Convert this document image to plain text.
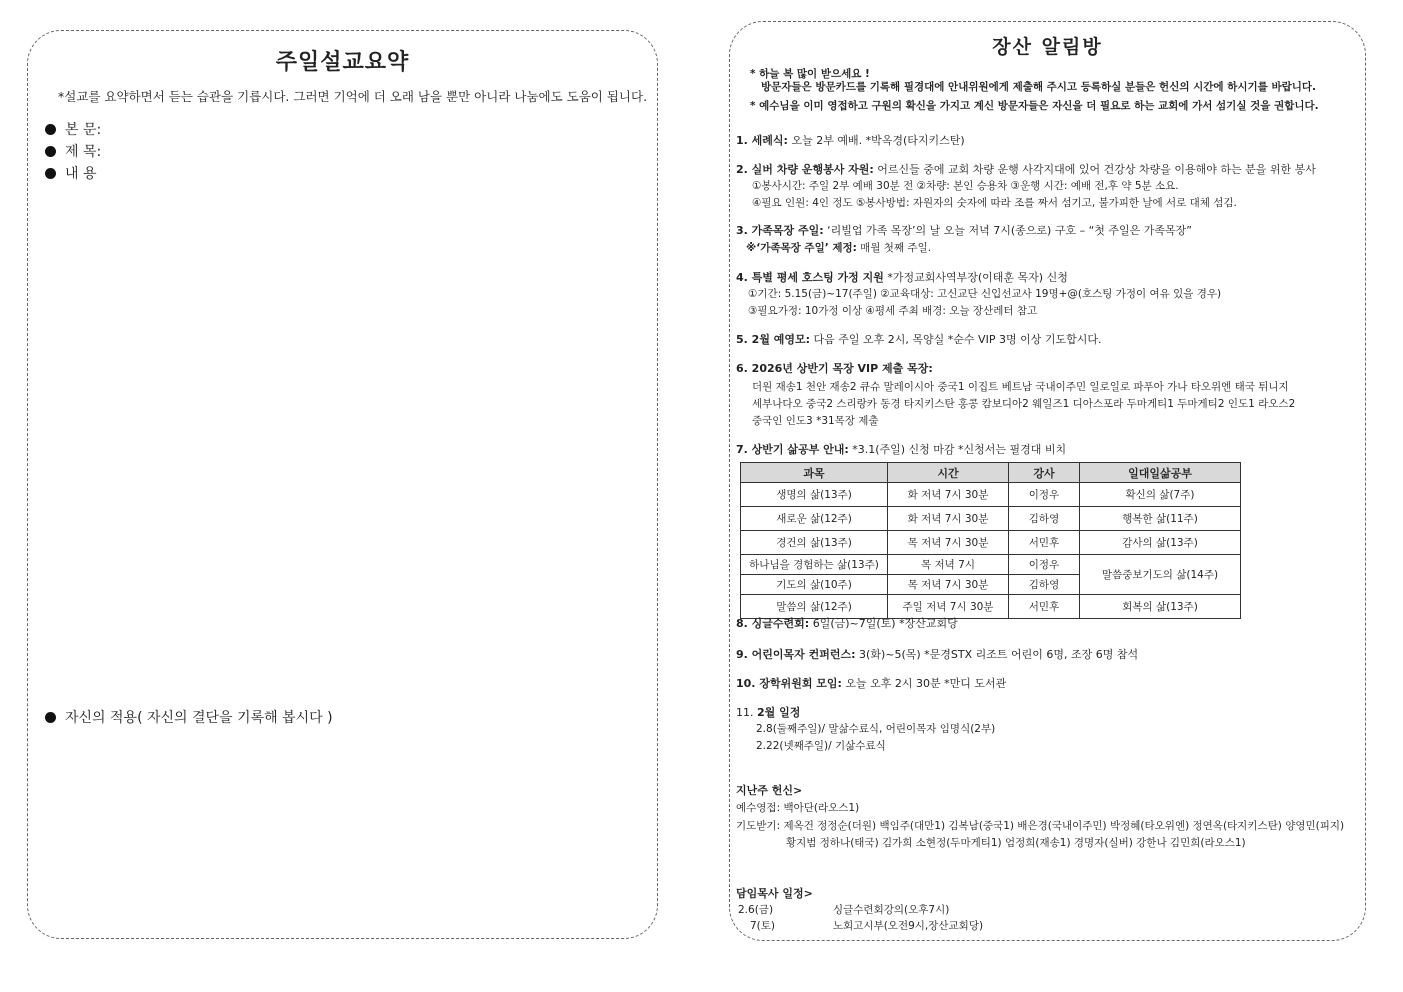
주일설교요약
*설교를 요약하면서 듣는 습관을 기릅시다. 그러면 기억에 더 오래 남을 뿐만 아니라 나눔에도 도움이 됩니다.
본 문:
제 목:
내 용
자신의 적용( 자신의 결단을 기록해 봅시다 )
장산 알림방
* 하늘 복 많이 받으세요 !
방문자들은 방문카드를 기록해 필경대에 안내위원에게 제출해 주시고 등록하실 분들은 헌신의 시간에 하시기를 바랍니다.
* 예수님을 이미 영접하고 구원의 확신을 가지고 계신 방문자들은 자신을 더 필요로 하는 교회에 가서 섬기실 것을 권합니다.
1. 세례식: 오늘 2부 예배. *박옥경(타지키스탄)
2. 실버 차량 운행봉사 자원: 어르신들 중에 교회 차량 운행 사각지대에 있어 건강상 차량을 이용해야 하는 분을 위한 봉사
①봉사시간: 주일 2부 예배 30분 전 ②차량: 본인 승용차 ③운행 시간: 예배 전,후 약 5분 소요.
④필요 인원: 4인 정도 ⑤봉사방법: 자원자의 숫자에 따라 조를 짜서 섬기고, 불가피한 날에 서로 대체 섬김.
3. 가족목장 주일: ‘리빌업 가족 목장’의 날 오늘 저녁 7시(종으로) 구호 – “첫 주일은 가족목장”
※‘가족목장 주일’ 제정: 매월 첫째 주일.
4. 특별 평세 호스팅 가정 지원 *가정교회사역부장(이태훈 목자) 신청
①기간: 5.15(금)~17(주일) ②교육대상: 고신교단 신입선교사 19명+@(호스팅 가정이 여유 있을 경우)
③필요가정: 10가정 이상 ④평세 주최 배경: 오늘 장산레터 참고
5. 2월 예영모: 다음 주일 오후 2시, 목양실 *순수 VIP 3명 이상 기도합시다.
6. 2026년 상반기 목장 VIP 제출 목장:
더원 재송1 천안 재송2 큐슈 말레이시아 중국1 이집트 베트남 국내이주민 일로일로 파푸아 가나 타오위엔 태국 튀니지
세부나다오 중국2 스리랑카 동경 타지키스탄 홍콩 캄보디아2 웨일즈1 디아스포라 두마게티1 두마게티2 인도1 라오스2
중국인 인도3 *31목장 제출
7. 상반기 삶공부 안내: *3.1(주일) 신청 마감 *신청서는 필경대 비치
과목	시간	강사	일대일삶공부
생명의 삶(13주)	화 저녁 7시 30분	이정우	확신의 삶(7주)
새로운 삶(12주)	화 저녁 7시 30분	김하영	행복한 삶(11주)
경건의 삶(13주)	목 저녁 7시 30분	서민후	감사의 삶(13주)
하나님을 경험하는 삶(13주)	목 저녁 7시	이정우	말씀중보기도의 삶(14주)
기도의 삶(10주)	목 저녁 7시 30분	김하영	
말씀의 삶(12주)	주일 저녁 7시 30분	서민후	회복의 삶(13주)
8. 싱글수련회: 6일(금)~7일(토) *장산교회당
9. 어린이목자 컨퍼런스: 3(화)~5(목) *문경STX 리조트 어린이 6명, 조장 6명 참석
10. 장학위원회 모임: 오늘 오후 2시 30분 *만디 도서관
11. 2월 일정
2.8(둘째주일)/ 말삶수료식, 어린이목자 임명식(2부)
2.22(넷째주일)/ 기삶수료식
지난주 헌신>
예수영접: 백아단(라오스1)
기도받기: 제옥건 정정순(더원) 백임주(대만1) 김복남(중국1) 배은경(국내이주민) 박정혜(타오위엔) 정연옥(타지키스탄) 양영민(피지)
황지범 정하나(태국) 김가희 소현정(두마게티1) 엄정희(재송1) 경명자(실버) 강한나 김민희(라오스1)
담임목사 일정>
2.6(금)	싱글수련회강의(오후7시)
7(토)	노회고시부(오전9시,장산교회당)
